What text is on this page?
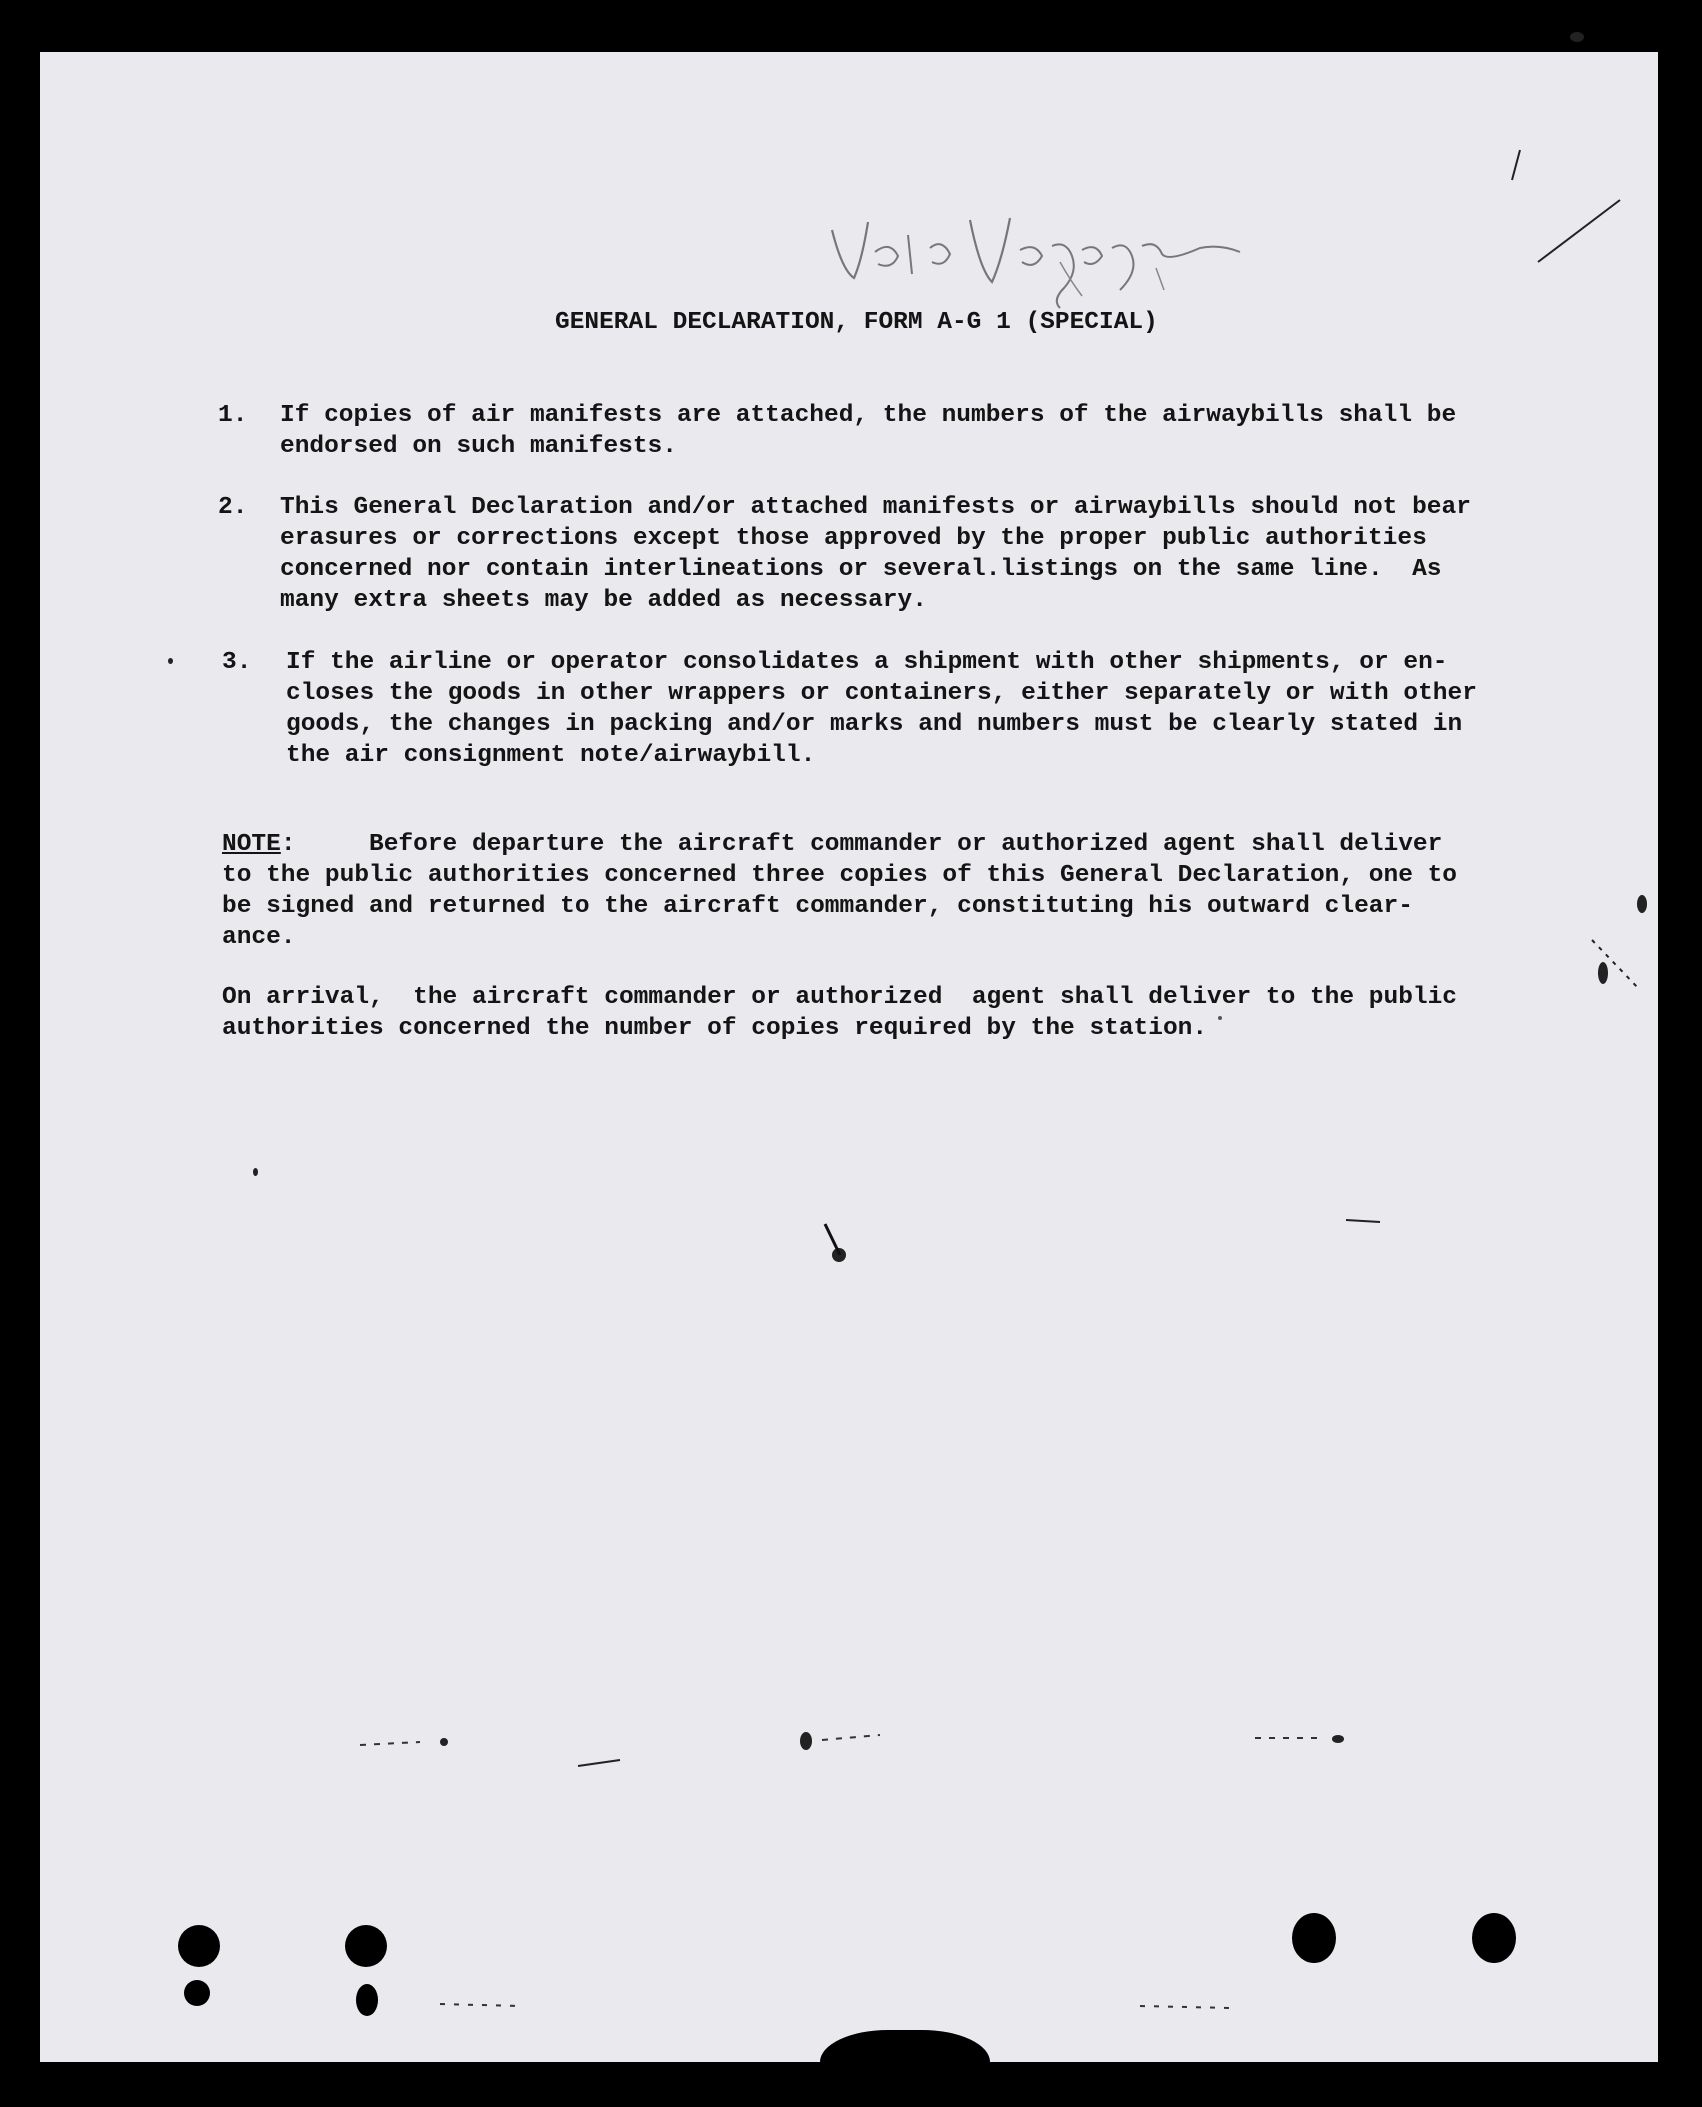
Kardo Vargas
GENERAL DECLARATION, FORM A-G 1 (SPECIAL)
1. If copies of air manifests are attached, the numbers of the airwaybills shall be
endorsed on such manifests.
2. This General Declaration and/or attached manifests or airwaybills should not bear
erasures or corrections except those approved by the proper public authorities
concerned nor contain interlineations or several.listings on the same line.  As
many extra sheets may be added as necessary.
3. If the airline or operator consolidates a shipment with other shipments, or en-
closes the goods in other wrappers or containers, either separately or with other
goods, the changes in packing and/or marks and numbers must be clearly stated in
the air consignment note/airwaybill.
NOTE:     Before departure the aircraft commander or authorized agent shall deliver
to the public authorities concerned three copies of this General Declaration, one to
be signed and returned to the aircraft commander, constituting his outward clear-
ance.
On arrival,  the aircraft commander or authorized  agent shall deliver to the public
authorities concerned the number of copies required by the station.
